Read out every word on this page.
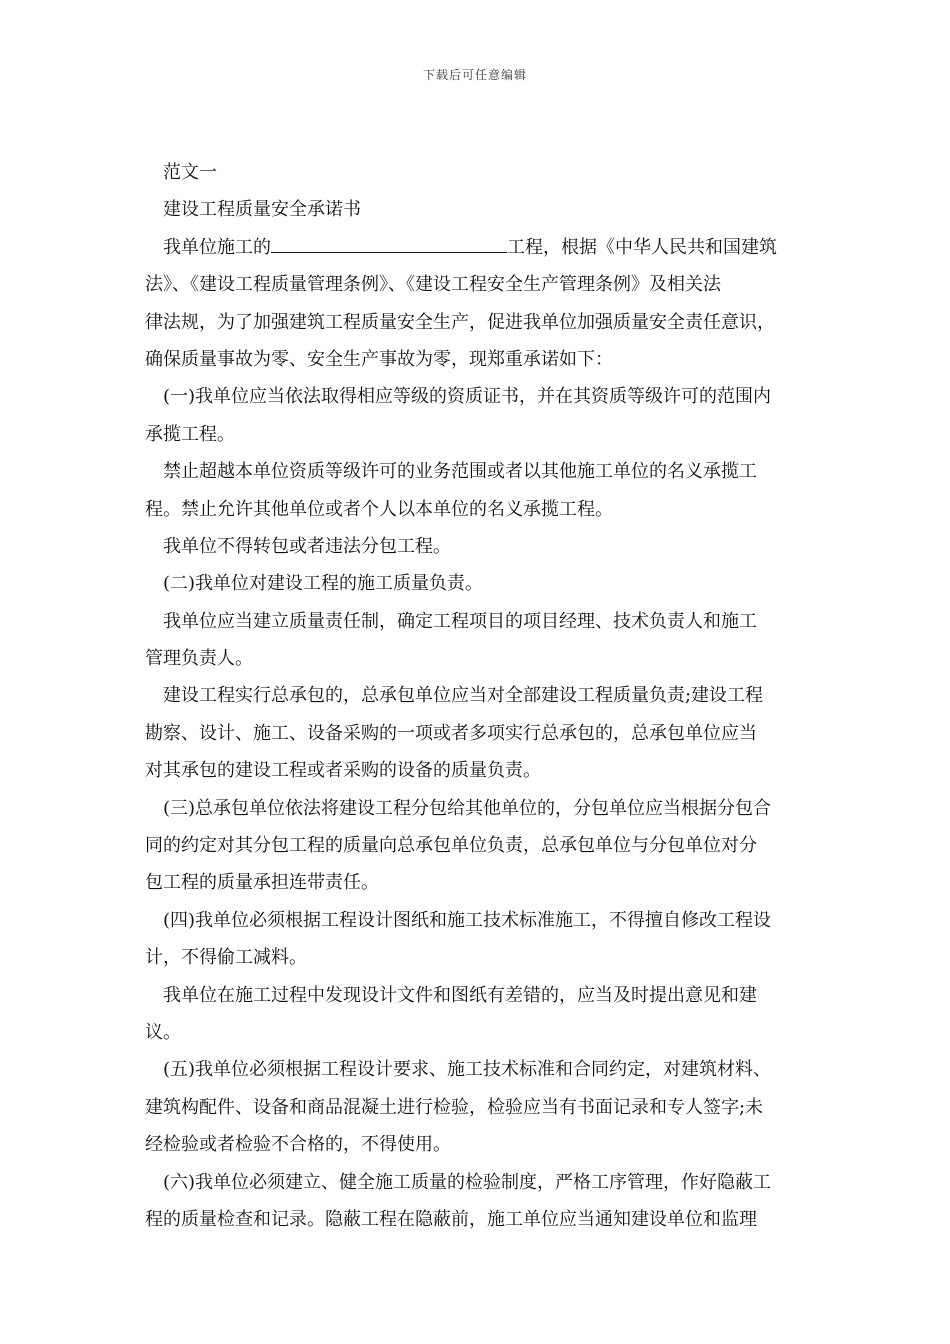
下载后可任意编辑
范文一
建设工程质量安全承诺书
我单位施工的	工程，根据《中华人民共和国建筑
法》、《建设工程质量管理条例》、《建设工程安全生产管理条例》及相关法
律法规，为了加强建筑工程质量安全生产，促进我单位加强质量安全责任意识，
确保质量事故为零、安全生产事故为零，现郑重承诺如下：
(一)我单位应当依法取得相应等级的资质证书，并在其资质等级许可的范围内
承揽工程。
禁止超越本单位资质等级许可的业务范围或者以其他施工单位的名义承揽工
程。禁止允许其他单位或者个人以本单位的名义承揽工程。
我单位不得转包或者违法分包工程。
(二)我单位对建设工程的施工质量负责。
我单位应当建立质量责任制，确定工程项目的项目经理、技术负责人和施工
管理负责人。
建设工程实行总承包的，总承包单位应当对全部建设工程质量负责;建设工程
勘察、设计、施工、设备采购的一项或者多项实行总承包的，总承包单位应当
对其承包的建设工程或者采购的设备的质量负责。
(三)总承包单位依法将建设工程分包给其他单位的，分包单位应当根据分包合
同的约定对其分包工程的质量向总承包单位负责，总承包单位与分包单位对分
包工程的质量承担连带责任。
(四)我单位必须根据工程设计图纸和施工技术标准施工，不得擅自修改工程设
计，不得偷工减料。
我单位在施工过程中发现设计文件和图纸有差错的，应当及时提出意见和建
议。
(五)我单位必须根据工程设计要求、施工技术标准和合同约定，对建筑材料、
建筑构配件、设备和商品混凝土进行检验，检验应当有书面记录和专人签字;未
经检验或者检验不合格的，不得使用。
(六)我单位必须建立、健全施工质量的检验制度，严格工序管理，作好隐蔽工
程的质量检查和记录。隐蔽工程在隐蔽前，施工单位应当通知建设单位和监理
